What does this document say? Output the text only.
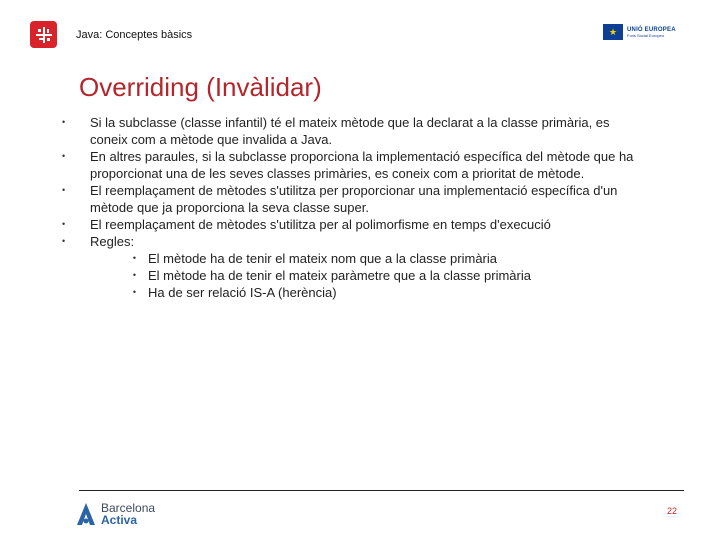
Java: Conceptes bàsics	★	UNIÓ EUROPEA
Fons Social Europeu
Overriding (Invàlidar)
•	Si la subclasse (classe infantil) té el mateix mètode que la declarat a la classe primària, es
coneix com a mètode que invalida a Java.
•	En altres paraules, si la subclasse proporciona la implementació específica del mètode que ha
proporcionat una de les seves classes primàries, es coneix com a prioritat de mètode.
•	El reemplaçament de mètodes s'utilitza per proporcionar una implementació específica d'un
mètode que ja proporciona la seva classe super.
•	El reemplaçament de mètodes s'utilitza per al polimorfisme en temps d'execució
•	Regles:
• El mètode ha de tenir el mateix nom que a la classe primària
• El mètode ha de tenir el mateix paràmetre que a la classe primària
• Ha de ser relació IS-A (herència)
Barcelona
Activa
22
